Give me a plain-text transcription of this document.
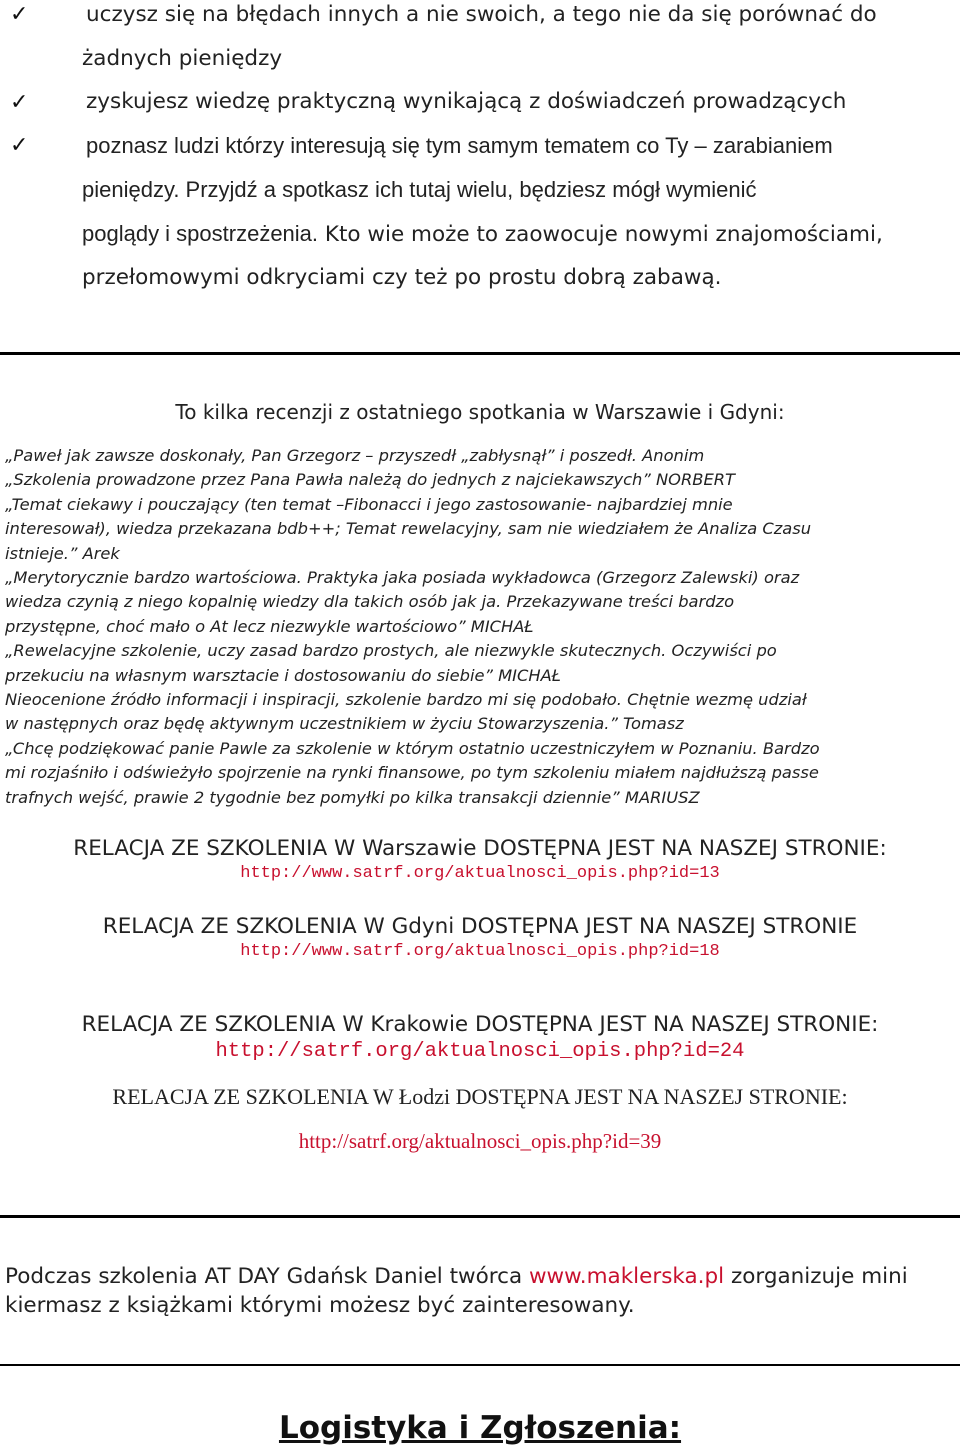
✓	uczysz się na błędach innych a nie swoich, a tego nie da się porównać do
żadnych pieniędzy
✓	zyskujesz wiedzę praktyczną wynikającą z doświadczeń prowadzących
✓	poznasz ludzi którzy interesują się tym samym tematem co Ty – zarabianiem
pieniędzy. Przyjdź a spotkasz ich tutaj wielu, będziesz mógł wymienić
poglądy i spostrzeżenia. Kto wie może to zaowocuje nowymi znajomościami,
przełomowymi odkryciami czy też po prostu dobrą zabawą.
To kilka recenzji z ostatniego spotkania w Warszawie i Gdyni:
„Paweł jak zawsze doskonały, Pan Grzegorz – przyszedł „zabłysnął” i poszedł. Anonim
„Szkolenia prowadzone przez Pana Pawła należą do jednych z najciekawszych” NORBERT
„Temat ciekawy i pouczający (ten temat –Fibonacci i jego zastosowanie- najbardziej mnie
interesował), wiedza przekazana bdb++; Temat rewelacyjny, sam nie wiedziałem że Analiza Czasu
istnieje.” Arek
„Merytorycznie bardzo wartościowa. Praktyka jaka posiada wykładowca (Grzegorz Zalewski) oraz
wiedza czynią z niego kopalnię wiedzy dla takich osób jak ja. Przekazywane treści bardzo
przystępne, choć mało o At lecz niezwykle wartościowo” MICHAŁ
„Rewelacyjne szkolenie, uczy zasad bardzo prostych, ale niezwykle skutecznych. Oczywiści po
przekuciu na własnym warsztacie i dostosowaniu do siebie” MICHAŁ
Nieocenione źródło informacji i inspiracji, szkolenie bardzo mi się podobało. Chętnie wezmę udział
w następnych oraz będę aktywnym uczestnikiem w życiu Stowarzyszenia.” Tomasz
„Chcę podziękować panie Pawle za szkolenie w którym ostatnio uczestniczyłem w Poznaniu. Bardzo
mi rozjaśniło i odświeżyło spojrzenie na rynki finansowe, po tym szkoleniu miałem najdłuższą passe
trafnych wejść, prawie 2 tygodnie bez pomyłki po kilka transakcji dziennie” MARIUSZ
RELACJA ZE SZKOLENIA W Warszawie DOSTĘPNA JEST NA NASZEJ STRONIE:
http://www.satrf.org/aktualnosci_opis.php?id=13
RELACJA ZE SZKOLENIA W Gdyni DOSTĘPNA JEST NA NASZEJ STRONIE
http://www.satrf.org/aktualnosci_opis.php?id=18
RELACJA ZE SZKOLENIA W Krakowie DOSTĘPNA JEST NA NASZEJ STRONIE:
http://satrf.org/aktualnosci_opis.php?id=24
RELACJA ZE SZKOLENIA W Łodzi DOSTĘPNA JEST NA NASZEJ STRONIE:
http://satrf.org/aktualnosci_opis.php?id=39
Podczas szkolenia AT DAY Gdańsk Daniel twórca www.maklerska.pl zorganizuje mini kiermasz z książkami którymi możesz być zainteresowany.
Logistyka i Zgłoszenia:
